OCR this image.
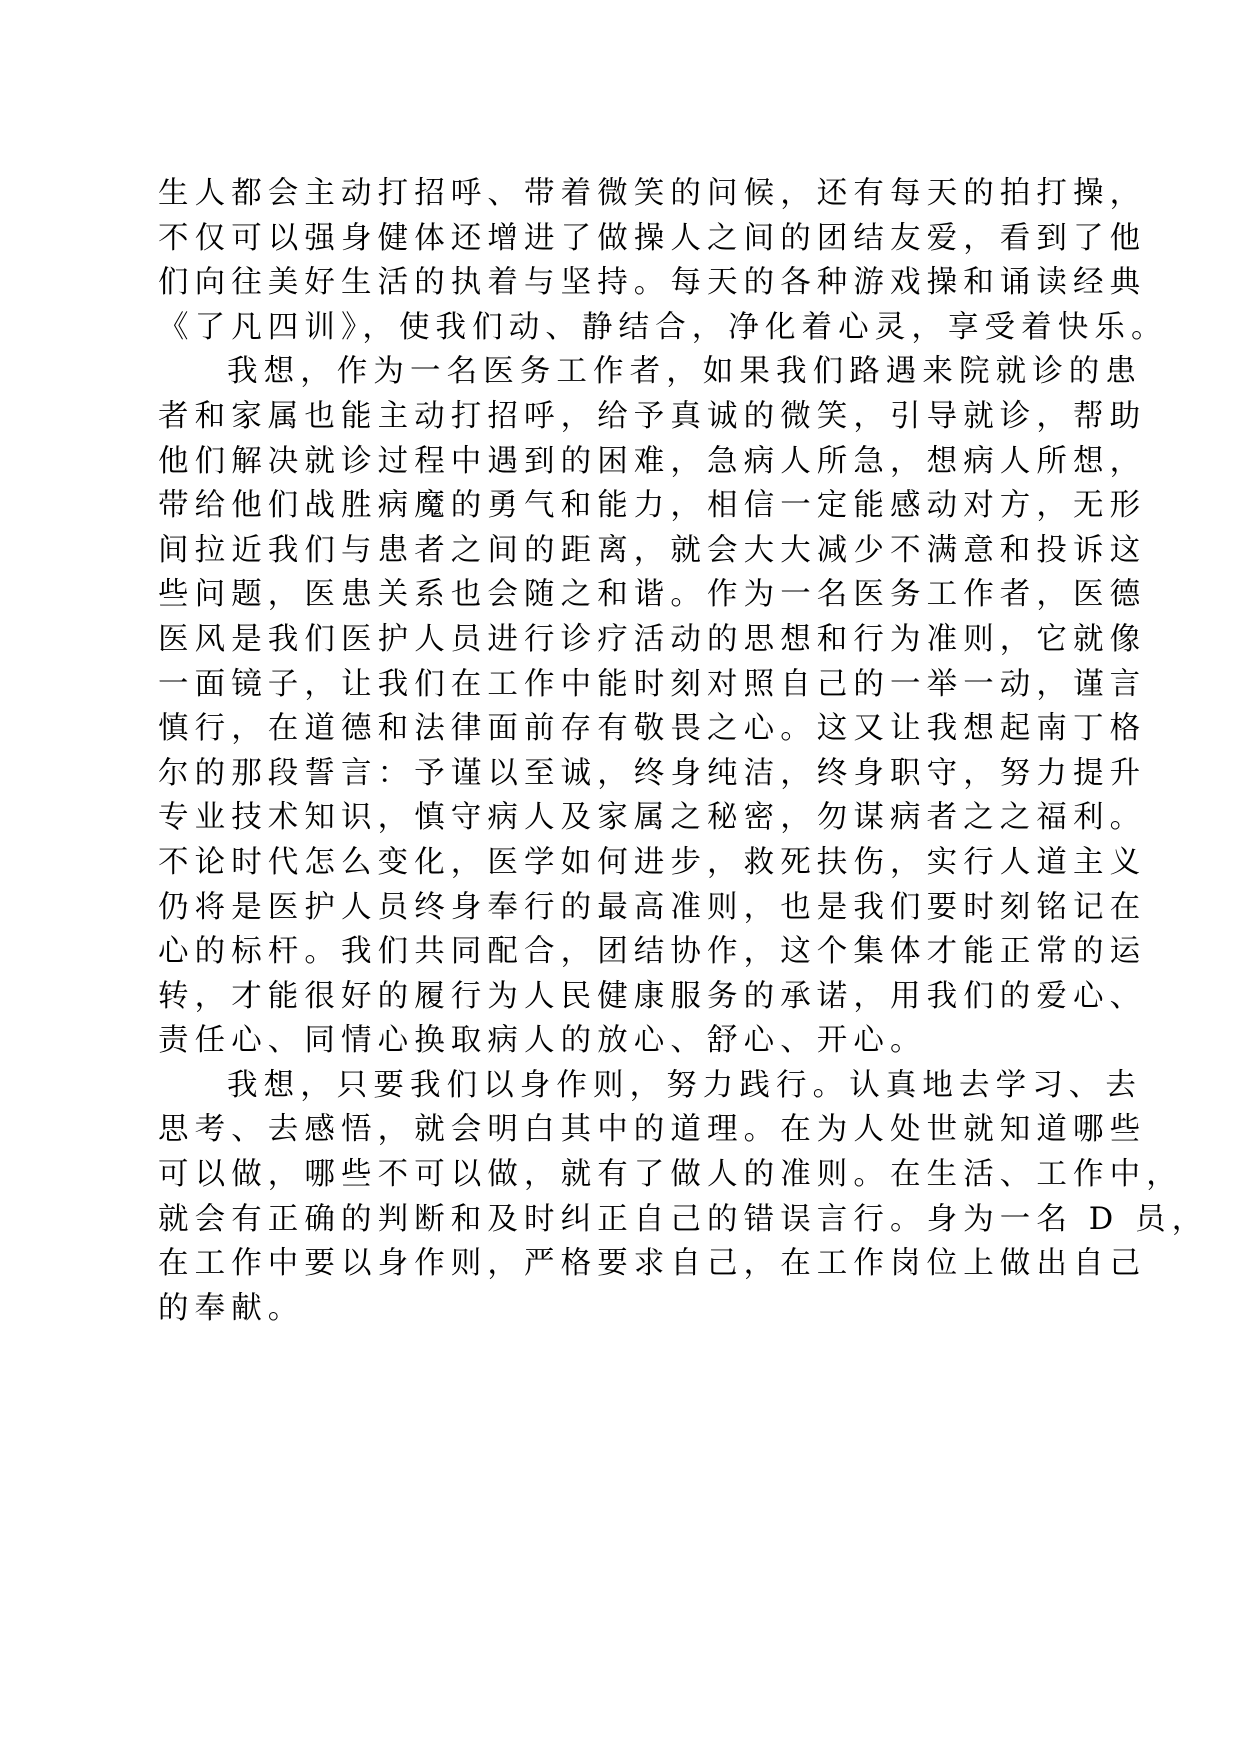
生人都会主动打招呼、带着微笑的问候，还有每天的拍打操，
不仅可以强身健体还增进了做操人之间的团结友爱，看到了他
们向往美好生活的执着与坚持。每天的各种游戏操和诵读经典
《了凡四训》，使我们动、静结合，净化着心灵，享受着快乐。
我想，作为一名医务工作者，如果我们路遇来院就诊的患
者和家属也能主动打招呼，给予真诚的微笑，引导就诊，帮助
他们解决就诊过程中遇到的困难，急病人所急，想病人所想，
带给他们战胜病魔的勇气和能力，相信一定能感动对方，无形
间拉近我们与患者之间的距离，就会大大减少不满意和投诉这
些问题，医患关系也会随之和谐。作为一名医务工作者，医德
医风是我们医护人员进行诊疗活动的思想和行为准则，它就像
一面镜子，让我们在工作中能时刻对照自己的一举一动，谨言
慎行，在道德和法律面前存有敬畏之心。这又让我想起南丁格
尔的那段誓言：予谨以至诚，终身纯洁，终身职守，努力提升
专业技术知识，慎守病人及家属之秘密，勿谋病者之之福利。
不论时代怎么变化，医学如何进步，救死扶伤，实行人道主义
仍将是医护人员终身奉行的最高准则，也是我们要时刻铭记在
心的标杆。我们共同配合，团结协作，这个集体才能正常的运
转，才能很好的履行为人民健康服务的承诺，用我们的爱心、
责任心、同情心换取病人的放心、舒心、开心。
我想，只要我们以身作则，努力践行。认真地去学习、去
思考、去感悟，就会明白其中的道理。在为人处世就知道哪些
可以做，哪些不可以做，就有了做人的准则。在生活、工作中，
就会有正确的判断和及时纠正自己的错误言行。身为一名 D 员，
在工作中要以身作则，严格要求自己，在工作岗位上做出自己
的奉献。
